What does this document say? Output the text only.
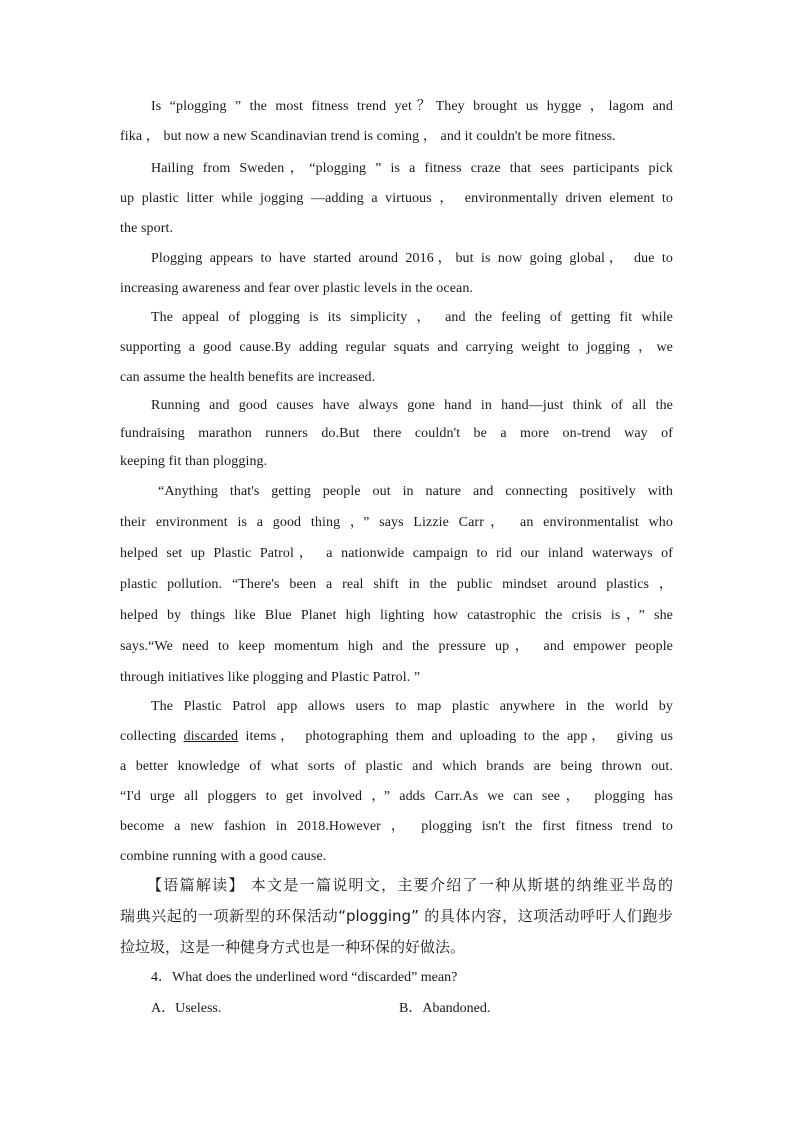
Is “plogging ” the most fitness trend yet？They brought us hygge ，lagom and
fika ， but now a new Scandinavian trend is coming ， and it couldn't be more fitness.
Hailing from Sweden，“plogging ” is a fitness craze that sees participants pick
up plastic litter while jogging —adding a virtuous ， environmentally driven element to
the sport.
Plogging appears to have started around 2016，but is now going global， due to
increasing awareness and fear over plastic levels in the ocean.
The appeal of plogging is its simplicity ， and the feeling of getting fit while
supporting a good cause.By adding regular squats and carrying weight to jogging ，we
can assume the health benefits are increased.
Running and good causes have always gone hand in hand—just think of all the
fundraising marathon runners do.But there couldn't be a more on-trend way of
keeping fit than plogging.
“Anything that's getting people out in nature and connecting positively with
their environment is a good thing ，” says Lizzie Carr， an environmentalist who
helped set up Plastic Patrol， a nationwide campaign to rid our inland waterways of
plastic pollution. “There's been a real shift in the public mindset around plastics ，
helped by things like Blue Planet high lighting how catastrophic the crisis is，” she
says.“We need to keep momentum high and the pressure up， and empower people
through initiatives like plogging and Plastic Patrol. ”
The Plastic Patrol app allows users to map plastic anywhere in the world by
collecting discarded items， photographing them and uploading to the app， giving us
a better knowledge of what sorts of plastic and which brands are being thrown out.
“I'd urge all ploggers to get involved ，” adds Carr.As we can see， plogging has
become a new fashion in 2018.However ， plogging isn't the first fitness trend to
combine running with a good cause.
【语篇解读】 本文是一篇说明文，主要介绍了一种从斯堪的纳维亚半岛的
瑞典兴起的一项新型的环保活动“plogging” 的具体内容，这项活动呼吁人们跑步
捡垃圾，这是一种健身方式也是一种环保的好做法。
4．What does the underlined word “discarded” mean?
A．Useless.	B．Abandoned.
